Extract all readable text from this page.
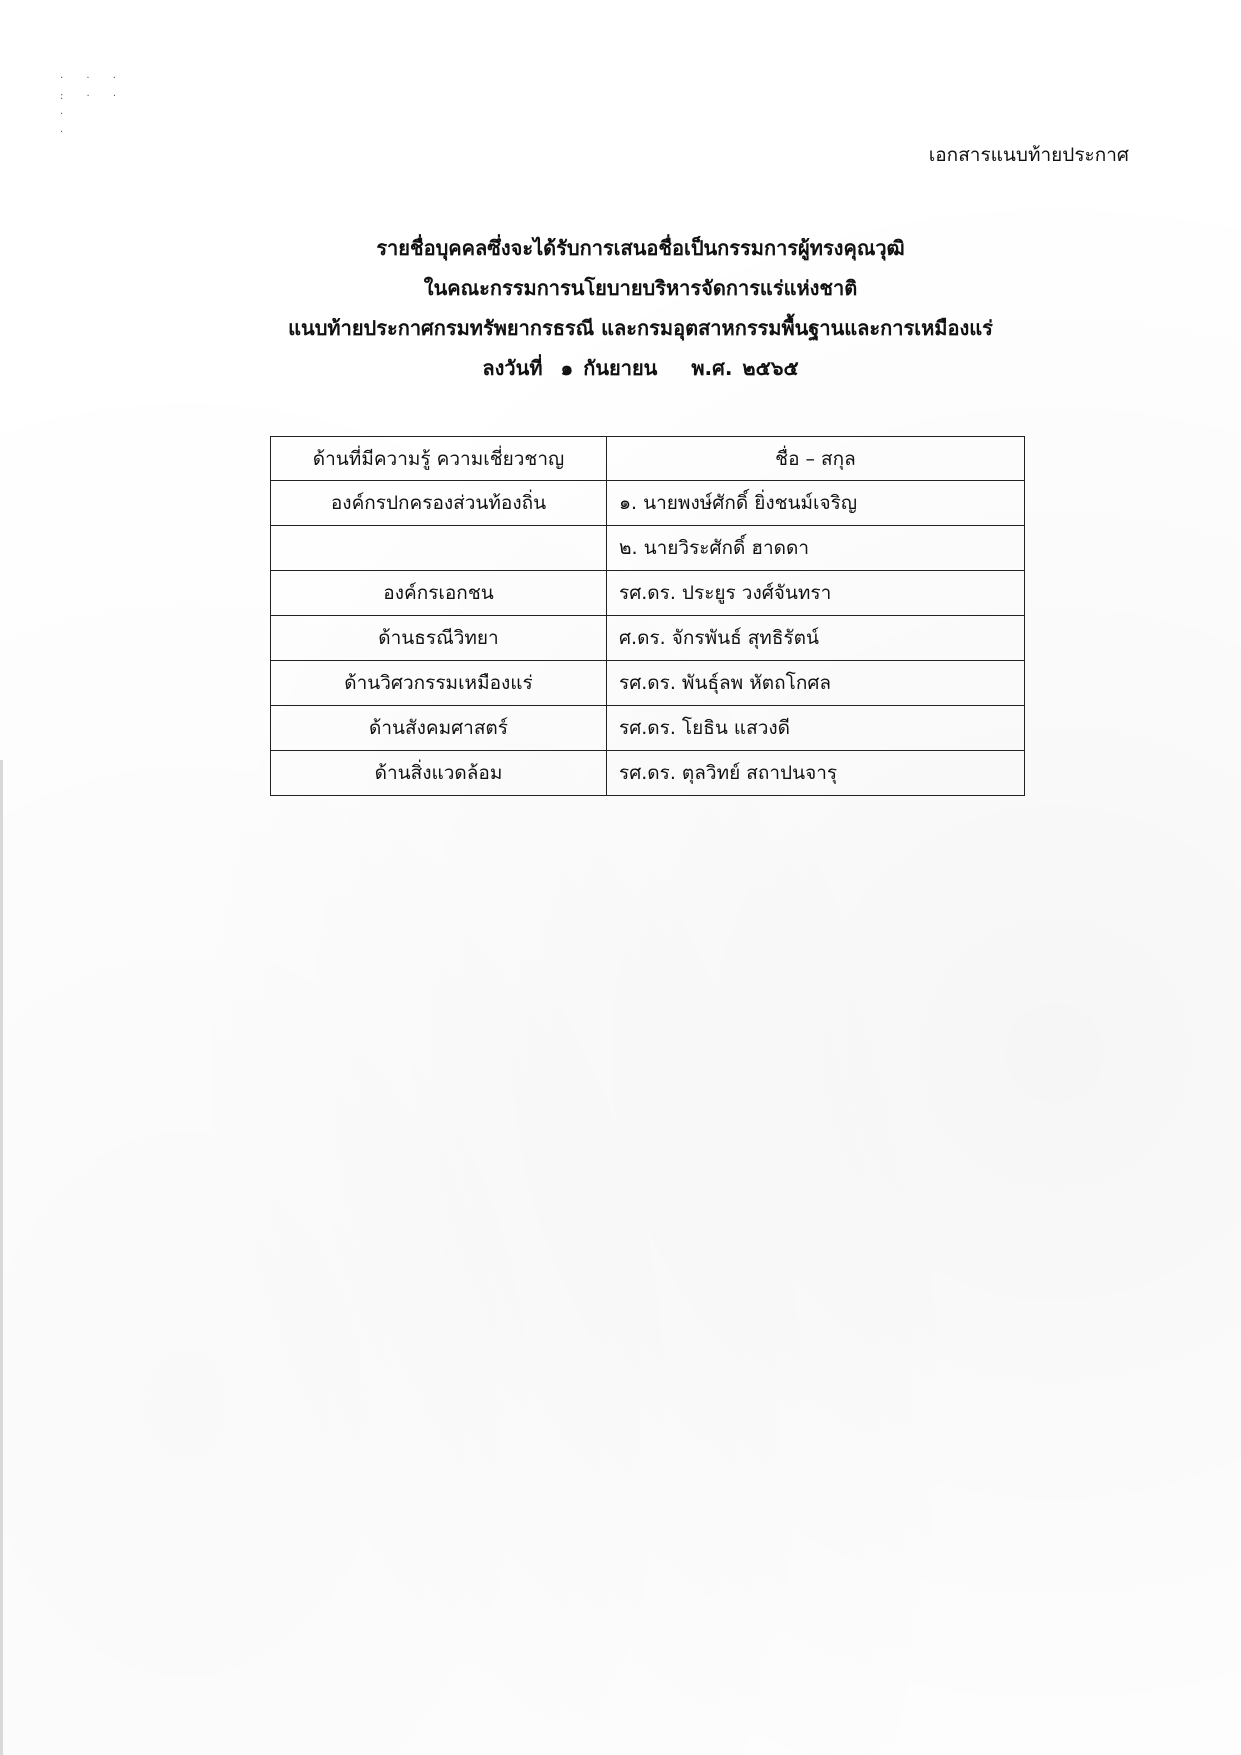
· · ·
: · · ·
·
เอกสารแนบท้ายประกาศ
รายชื่อบุคคลซึ่งจะได้รับการเสนอชื่อเป็นกรรมการผู้ทรงคุณวุฒิ
ในคณะกรรมการนโยบายบริหารจัดการแร่แห่งชาติ
แนบท้ายประกาศกรมทรัพยากรธรณี และกรมอุตสาหกรรมพื้นฐานและการเหมืองแร่
ลงวันที่ ๑ กันยายน พ.ศ. ๒๕๖๕
ด้านที่มีความรู้ ความเชี่ยวชาญ	ชื่อ – สกุล
องค์กรปกครองส่วนท้องถิ่น	๑. นายพงษ์ศักดิ์ ยิ่งชนม์เจริญ
	๒. นายวิระศักดิ์ ฮาดดา
องค์กรเอกชน	รศ.ดร. ประยูร วงศ์จันทรา
ด้านธรณีวิทยา	ศ.ดร. จักรพันธ์ สุทธิรัตน์
ด้านวิศวกรรมเหมืองแร่	รศ.ดร. พันธุ์ลพ หัตถโกศล
ด้านสังคมศาสตร์	รศ.ดร. โยธิน แสวงดี
ด้านสิ่งแวดล้อม	รศ.ดร. ตุลวิทย์ สถาปนจารุ
